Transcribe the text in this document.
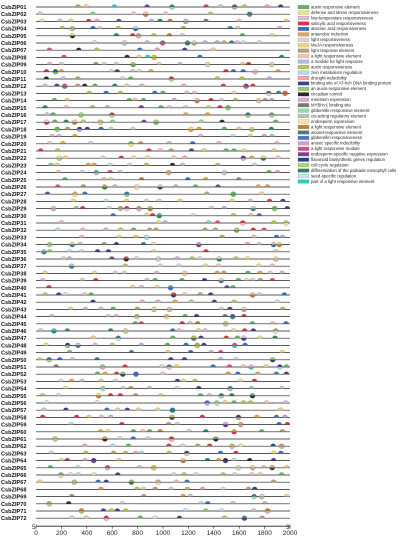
CsbZIP01
CsbZIP02
CsbZIP03
CsbZIP04
CsbZIP05
CsbZIP06
CsbZIP07
CsbZIP08
CsbZIP09
CsbZIP10
CsbZIP11
CsbZIP12
CsbZIP13
CsbZIP14
CsbZIP15
CsbZIP16
CsbZIP17
CsbZIP18
CsbZIP19
CsbZIP20
CsbZIP21
CsbZIP22
CsbZIP23
CsbZIP24
CsbZIP25
CsbZIP26
CsbZIP27
CsbZIP28
CsbZIP29
CsbZIP30
CsbZIP31
CsbZIP32
CsbZIP33
CsbZIP34
CsbZIP35
CsbZIP36
CsbZIP37
CsbZIP38
CsbZIP39
CsbZIP40
CsbZIP41
CsbZIP42
CsbZIP43
CsbZIP44
CsbZIP45
CsbZIP46
CsbZIP47
CsbZIP48
CsbZIP49
CsbZIP50
CsbZIP51
CsbZIP52
CsbZIP53
CsbZIP54
CsbZIP55
CsbZIP56
CsbZIP57
CsbZIP58
CsbZIP59
CsbZIP60
CsbZIP61
CsbZIP62
CsbZIP63
CsbZIP64
CsbZIP65
CsbZIP66
CsbZIP67
CsbZIP68
CsbZIP69
CsbZIP70
CsbZIP71
CsbZIP72
5'	3'
0	200 400 600 800 1000 1200 1400 1600 1800 2000
auxin responsive element
defense and stress responsiveness
low-temperature responsiveness
salicylic acid responsiveness
abscisic acid responsiveness
anaerobic induction
light responsiveness
MeJA-responsiveness
light response element
a light responsive element
a module for light response
auxin responsiveness
zein metabolism regulation
drought-inducibility
binding site of AT-rich DNA binding protein
an auxin-responsive element
circadian control
meristem expression
MYBHv1 binding site
gibberellin-responsive element
cis-acting regulatory element
endosperm expression
a light responsive element
wound-responsive element
gibberellin-responsiveness
anoxic specific inducibility
a light responsive module
endosperm-specific negative expression
flavonoid biosynthetic genes regulation
cell cycle regulation
differentiation of the palisade mesophyll cells
seed-specific regulation
part of a light responsive element
